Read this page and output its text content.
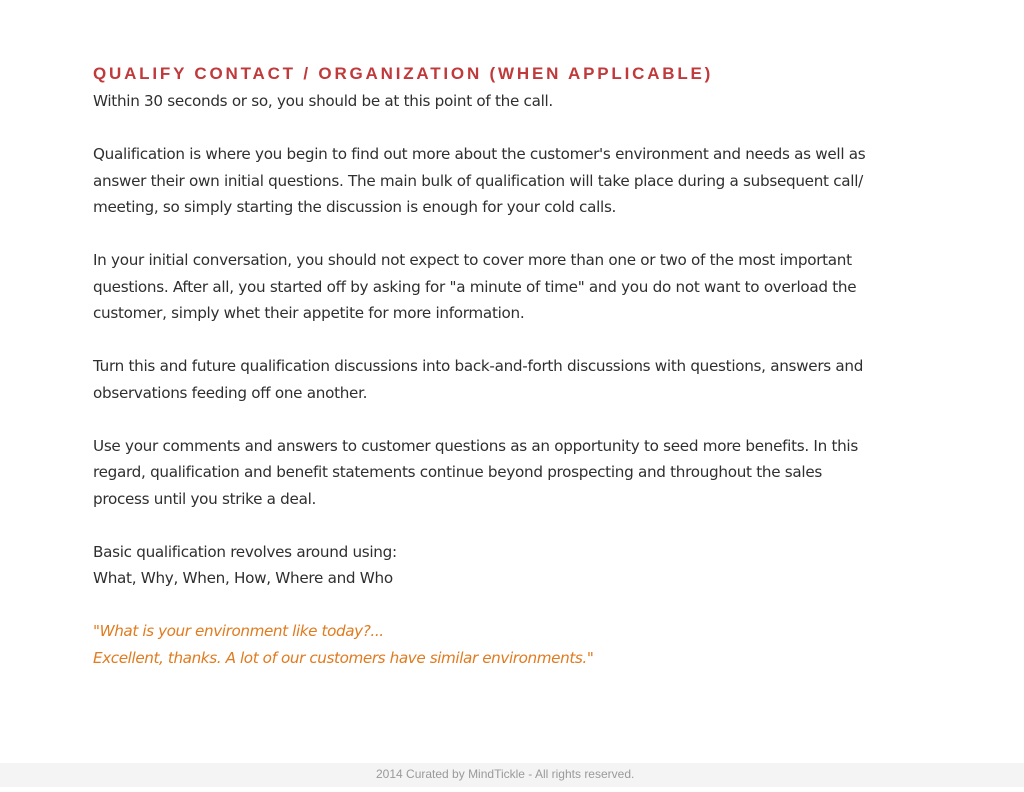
QUALIFY CONTACT / ORGANIZATION (WHEN APPLICABLE)

Within 30 seconds or so, you should be at this point of the call.

Qualification is where you begin to find out more about the customer's environment and needs as well as
answer their own initial questions. The main bulk of qualification will take place during a subsequent call/
meeting, so simply starting the discussion is enough for your cold calls.

In your initial conversation, you should not expect to cover more than one or two of the most important
questions. After all, you started off by asking for "a minute of time" and you do not want to overload the
customer, simply whet their appetite for more information.

Turn this and future qualification discussions into back-and-forth discussions with questions, answers and
observations feeding off one another.

Use your comments and answers to customer questions as an opportunity to seed more benefits. In this
regard, qualification and benefit statements continue beyond prospecting and throughout the sales
process until you strike a deal.

Basic qualification revolves around using:
What, Why, When, How, Where and Who

"What is your environment like today?...
Excellent, thanks. A lot of our customers have similar environments."

2014 Curated by MindTickle - All rights reserved.
